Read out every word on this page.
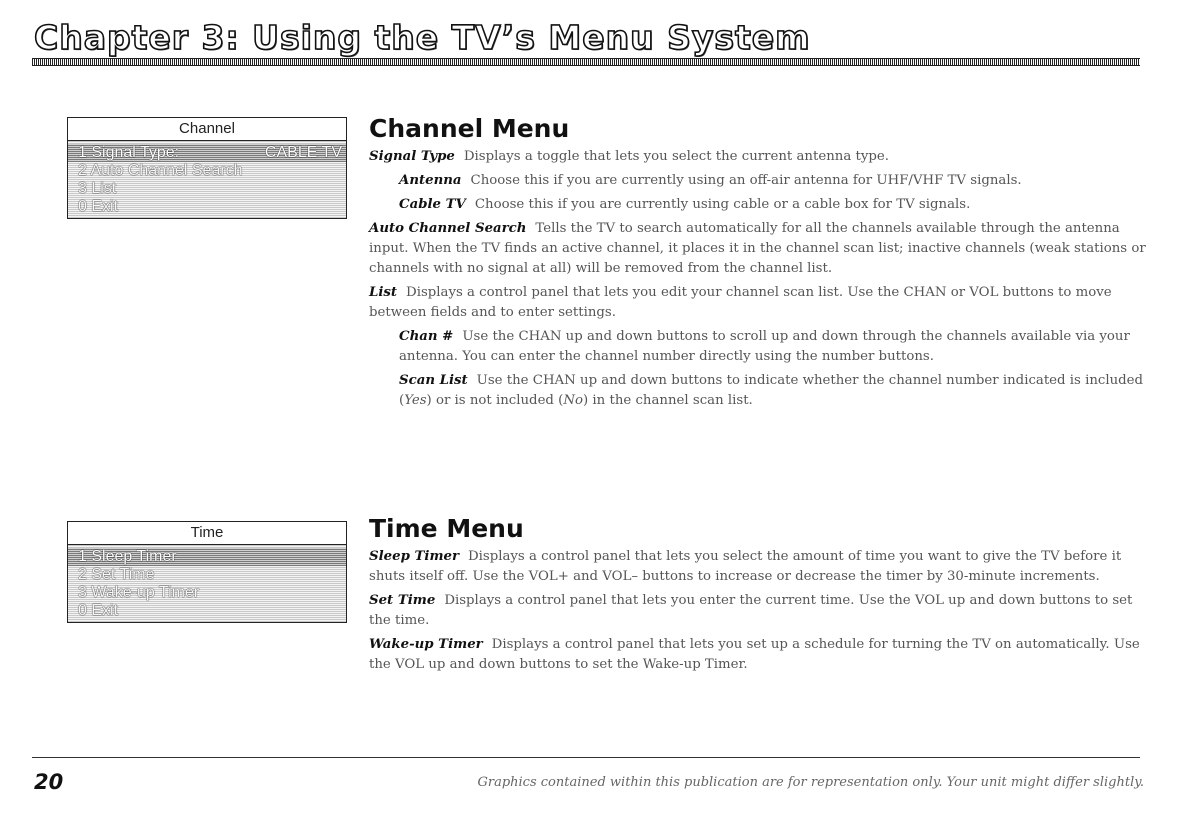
Chapter 3: Using the TV’s Menu System
Channel
1 Signal Type:	CABLE TV
2 Auto Channel Search
3 List
0 Exit
Time
1 Sleep Timer
2 Set Time
3 Wake-up Timer
0 Exit
Channel Menu

Signal Type Displays a toggle that lets you select the current antenna type.

Antenna Choose this if you are currently using an off-air antenna for UHF/VHF TV signals.

Cable TV Choose this if you are currently using cable or a cable box for TV signals.

Auto Channel Search Tells the TV to search automatically for all the channels available through the antenna input. When the TV finds an active channel, it places it in the channel scan list; inactive channels (weak stations or channels with no signal at all) will be removed from the channel list.

List Displays a control panel that lets you edit your channel scan list. Use the CHAN or VOL buttons to move between fields and to enter settings.

Chan # Use the CHAN up and down buttons to scroll up and down through the channels available via your antenna. You can enter the channel number directly using the number buttons.

Scan List Use the CHAN up and down buttons to indicate whether the channel number indicated is included (Yes) or is not included (No) in the channel scan list.

Time Menu

Sleep Timer Displays a control panel that lets you select the amount of time you want to give the TV before it shuts itself off. Use the VOL+ and VOL– buttons to increase or decrease the timer by 30-minute increments.

Set Time Displays a control panel that lets you enter the current time. Use the VOL up and down buttons to set the time.

Wake-up Timer Displays a control panel that lets you set up a schedule for turning the TV on automatically. Use the VOL up and down buttons to set the Wake-up Timer.

20	Graphics contained within this publication are for representation only. Your unit might differ slightly.
